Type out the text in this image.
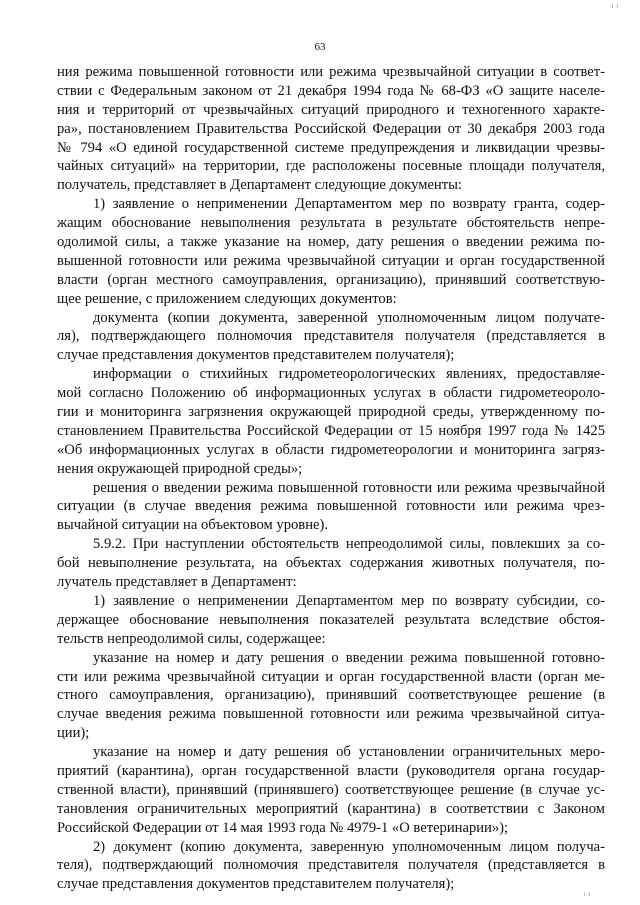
63
ᵢ ᵢ
ния режима повышенной готовности или режима чрезвычайной ситуации в соответ-
ствии с Федеральным законом от 21 декабря 1994 года № 68-ФЗ «О защите населе-
ния и территорий от чрезвычайных ситуаций природного и техногенного характе-
ра», постановлением Правительства Российской Федерации от 30 декабря 2003 года
№ 794 «О единой государственной системе предупреждения и ликвидации чрезвы-
чайных ситуаций» на территории, где расположены посевные площади получателя,
получатель, представляет в Департамент следующие документы:
1) заявление о неприменении Департаментом мер по возврату гранта, содер-
жащим обоснование невыполнения результата в результате обстоятельств непре-
одолимой силы, а также указание на номер, дату решения о введении режима по-
вышенной готовности или режима чрезвычайной ситуации и орган государственной
власти (орган местного самоуправления, организацию), принявший соответствую-
щее решение, с приложением следующих документов:
документа (копии документа, заверенной уполномоченным лицом получате-
ля), подтверждающего полномочия представителя получателя (представляется в
случае представления документов представителем получателя);
информации о стихийных гидрометеорологических явлениях, предоставляе-
мой согласно Положению об информационных услугах в области гидрометеороло-
гии и мониторинга загрязнения окружающей природной среды, утвержденному по-
становлением Правительства Российской Федерации от 15 ноября 1997 года № 1425
«Об информационных услугах в области гидрометеорологии и мониторинга загряз-
нения окружающей природной среды»;
решения о введении режима повышенной готовности или режима чрезвычайной
ситуации (в случае введения режима повышенной готовности или режима чрез-
вычайной ситуации на объектовом уровне).
5.9.2. При наступлении обстоятельств непреодолимой силы, повлекших за со-
бой невыполнение результата, на объектах содержания животных получателя, по-
лучатель представляет в Департамент:
1) заявление о неприменении Департаментом мер по возврату субсидии, со-
держащее обоснование невыполнения показателей результата вследствие обстоя-
тельств непреодолимой силы, содержащее:
указание на номер и дату решения о введении режима повышенной готовно-
сти или режима чрезвычайной ситуации и орган государственной власти (орган ме-
стного самоуправления, организацию), принявший соответствующее решение (в
случае введения режима повышенной готовности или режима чрезвычайной ситуа-
ции);
указание на номер и дату решения об установлении ограничительных меро-
приятий (карантина), орган государственной власти (руководителя органа государ-
ственной власти), принявший (принявшего) соответствующее решение (в случае ус-
тановления ограничительных мероприятий (карантина) в соответствии с Законом
Российской Федерации от 14 мая 1993 года № 4979-1 «О ветеринарии»);
2) документ (копию документа, заверенную уполномоченным лицом получа-
теля), подтверждающий полномочия представителя получателя (представляется в
случае представления документов представителем получателя);
ᵢ ᵢ
